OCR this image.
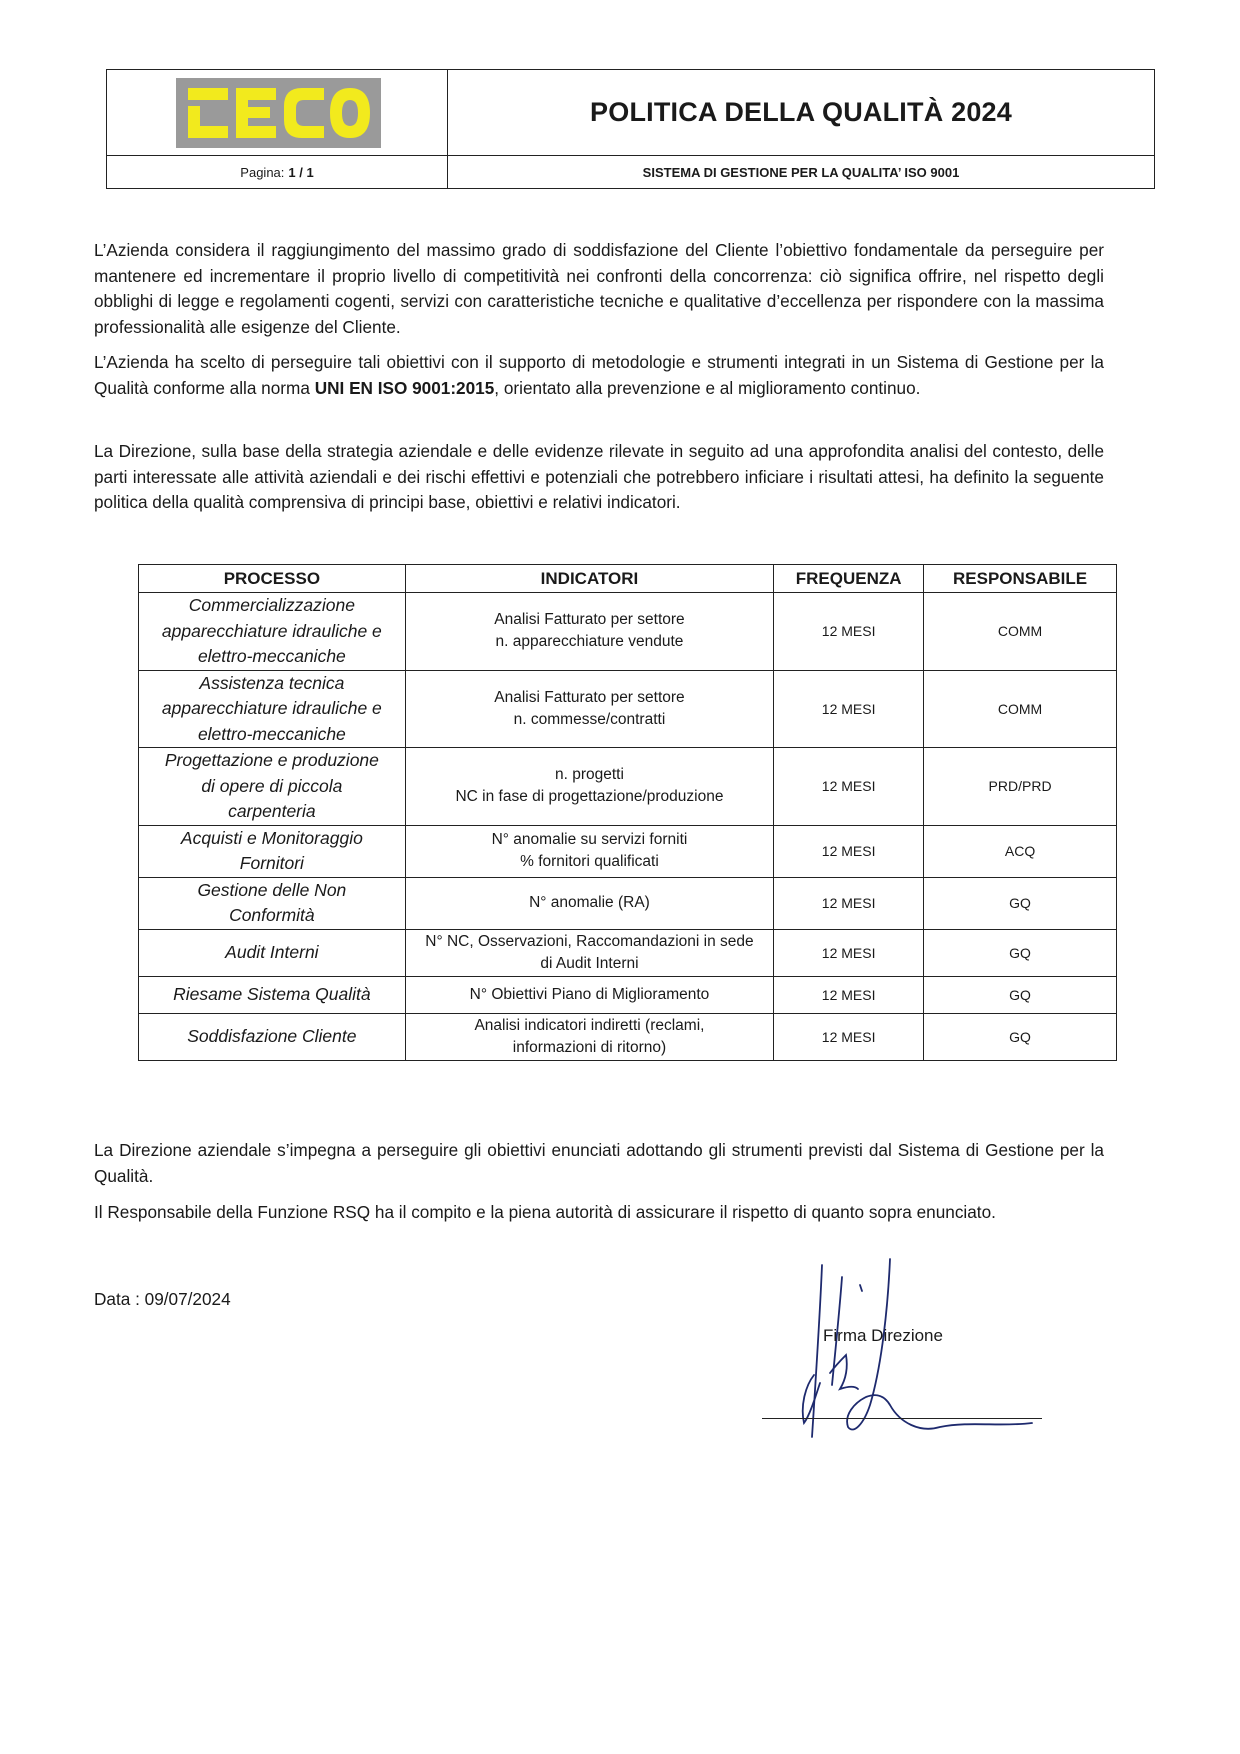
POLITICA DELLA QUALITÀ 2024
Pagina: 1 / 1	SISTEMA DI GESTIONE PER LA QUALITA’ ISO 9001

L’Azienda considera il raggiungimento del massimo grado di soddisfazione del Cliente l’obiettivo fondamentale da perseguire per mantenere ed incrementare il proprio livello di competitività nei confronti della concorrenza: ciò significa offrire, nel rispetto degli obblighi di legge e regolamenti cogenti, servizi con caratteristiche tecniche e qualitative d’eccellenza per rispondere con la massima professionalità alle esigenze del Cliente.

L’Azienda ha scelto di perseguire tali obiettivi con il supporto di metodologie e strumenti integrati in un Sistema di Gestione per la Qualità conforme alla norma UNI EN ISO 9001:2015, orientato alla prevenzione e al miglioramento continuo.

La Direzione, sulla base della strategia aziendale e delle evidenze rilevate in seguito ad una approfondita analisi del contesto, delle parti interessate alle attività aziendali e dei rischi effettivi e potenziali che potrebbero inficiare i risultati attesi, ha definito la seguente politica della qualità comprensiva di principi base, obiettivi e relativi indicatori.

PROCESSO	INDICATORI	FREQUENZA	RESPONSABILE

Commercializzazione
apparecchiature idrauliche e
elettro-meccaniche	Analisi Fatturato per settore
n. apparecchiature vendute	12 MESI	COMM

Assistenza tecnica
apparecchiature idrauliche e
elettro-meccaniche	Analisi Fatturato per settore
n. commesse/contratti	12 MESI	COMM

Progettazione e produzione
di opere di piccola
carpenteria	n. progetti
NC in fase di progettazione/produzione	12 MESI	PRD/PRD

Acquisti e Monitoraggio
Fornitori	N° anomalie su servizi forniti
% fornitori qualificati	12 MESI	ACQ

Gestione delle Non
Conformità	N° anomalie (RA)	12 MESI	GQ

Audit Interni	N° NC, Osservazioni, Raccomandazioni in sede
di Audit Interni	12 MESI	GQ

Riesame Sistema Qualità	N° Obiettivi Piano di Miglioramento	12 MESI	GQ

Soddisfazione Cliente	Analisi indicatori indiretti (reclami,
informazioni di ritorno)	12 MESI	GQ

La Direzione aziendale s’impegna a perseguire gli obiettivi enunciati adottando gli strumenti previsti dal Sistema di Gestione per la Qualità.

Il Responsabile della Funzione RSQ ha il compito e la piena autorità di assicurare il rispetto di quanto sopra enunciato.

Data : 09/07/2024
Firma Direzione
